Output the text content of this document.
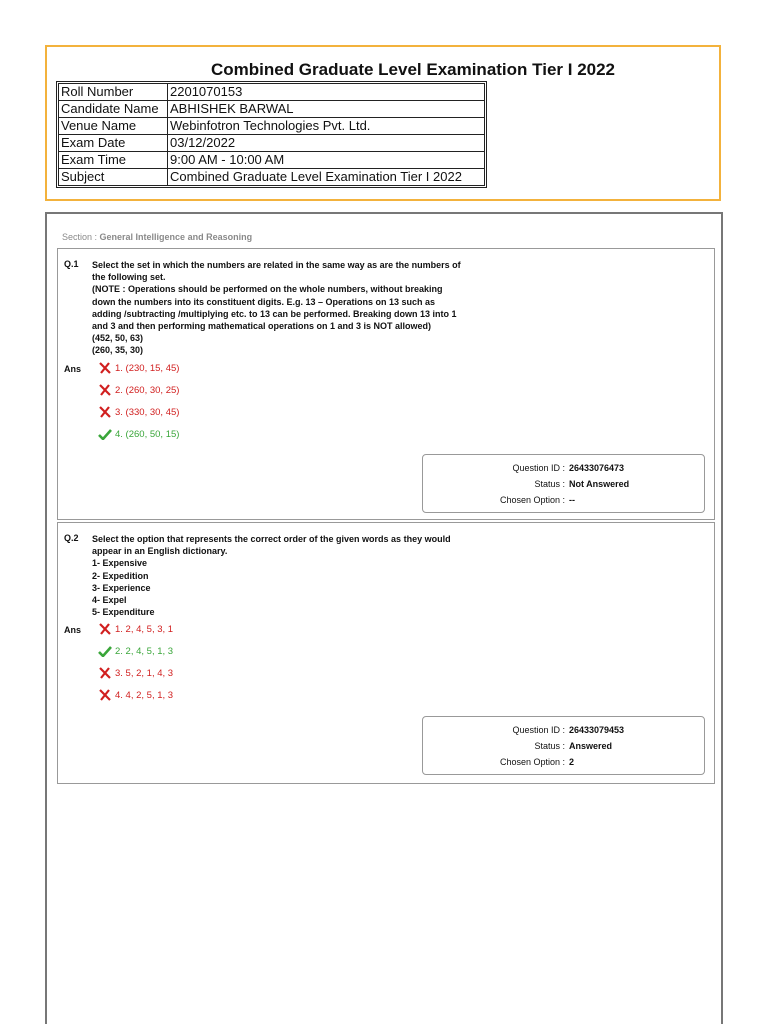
Combined Graduate Level Examination Tier I 2022
Roll Number	2201070153
Candidate Name	ABHISHEK BARWAL
Venue Name	Webinfotron Technologies Pvt. Ltd.
Exam Date	03/12/2022
Exam Time	9:00 AM - 10:00 AM
Subject	Combined Graduate Level Examination Tier I 2022
Section : General Intelligence and Reasoning
Q.1 Select the set in which the numbers are related in the same way as are the numbers of
the following set.
(NOTE : Operations should be performed on the whole numbers, without breaking
down the numbers into its constituent digits. E.g. 13 – Operations on 13 such as
adding /subtracting /multiplying etc. to 13 can be performed. Breaking down 13 into 1
and 3 and then performing mathematical operations on 1 and 3 is NOT allowed)
(452, 50, 63)
(260, 35, 30)
Ans	1. (230, 15, 45)
2. (260, 30, 25)
3. (330, 30, 45)
4. (260, 50, 15)
Question ID : 26433076473
Status : Not Answered
Chosen Option : --
Q.2 Select the option that represents the correct order of the given words as they would
appear in an English dictionary.
1- Expensive
2- Expedition
3- Experience
4- Expel
5- Expenditure
Ans	1. 2, 4, 5, 3, 1
2. 2, 4, 5, 1, 3
3. 5, 2, 1, 4, 3
4. 4, 2, 5, 1, 3
Question ID : 26433079453
Status : Answered
Chosen Option : 2
